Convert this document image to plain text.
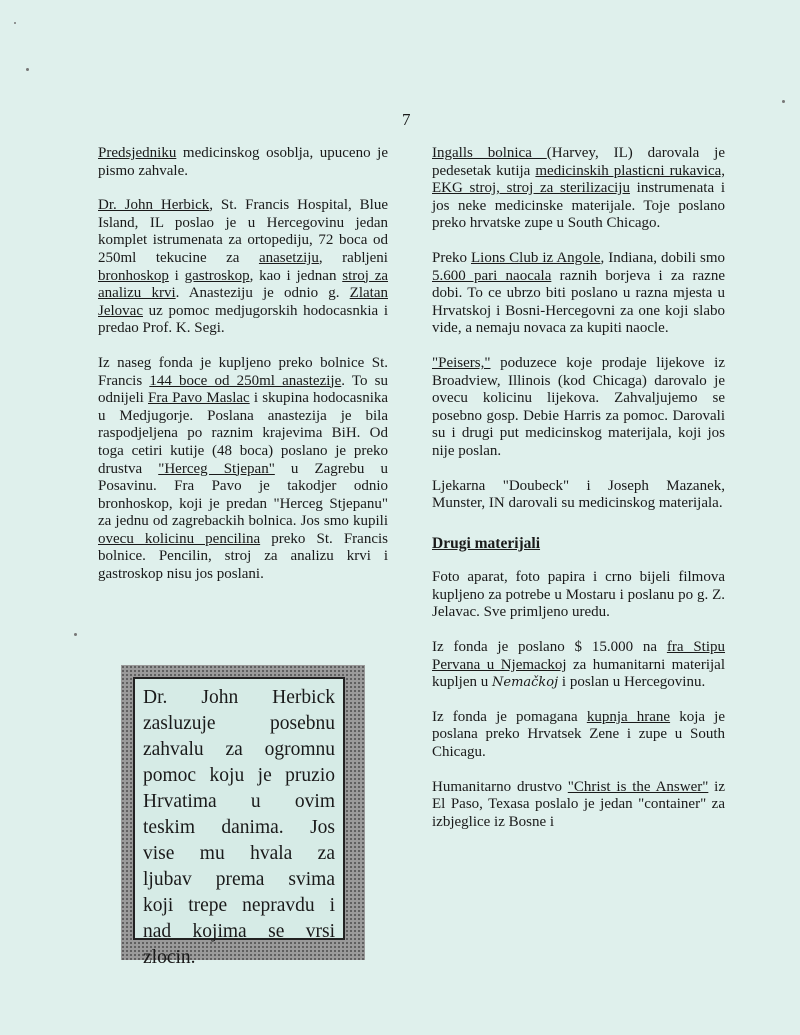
7

Predsjedniku medicinskog osoblja, upuceno je pismo zahvale.

Dr. John Herbick, St. Francis Hospital, Blue Island, IL poslao je u Hercegovinu jedan komplet istrumenata za ortopediju, 72 boca od 250ml tekucine za anasetziju, rabljeni bronhoskop i gastroskop, kao i jednan stroj za analizu krvi. Anasteziju je odnio g. Zlatan Jelovac uz pomoc medjugorskih hodocasnkia i predao Prof. K. Segi.

Iz naseg fonda je kupljeno preko bolnice St. Francis 144 boce od 250ml anastezije. To su odnijeli Fra Pavo Maslac i skupina hodocasnika u Medjugorje. Poslana anastezija je bila raspodjeljena po raznim krajevima BiH. Od toga cetiri kutije (48 boca) poslano je preko drustva "Herceg Stjepan" u Zagrebu u Posavinu. Fra Pavo je takodjer odnio bronhoskop, koji je predan "Herceg Stjepanu" za jednu od zagrebackih bolnica. Jos smo kupili ovecu kolicinu pencilina preko St. Francis bolnice. Pencilin, stroj za analizu krvi i gastroskop nisu jos poslani.

Dr. John Herbick
zasluzuje posebnu
zahvalu za ogromnu
pomoc koju je pruzio
Hrvatima u ovim
teskim danima. Jos
vise mu hvala za
ljubav prema svima
koji trepe nepravdu i
nad kojima se vrsi
zlocin.

Ingalls bolnica (Harvey, IL) darovala je pedesetak kutija medicinskih plasticni rukavica, EKG stroj, stroj za sterilizaciju instrumenata i jos neke medicinske materijale. Toje poslano preko hrvatske zupe u South Chicago.

Preko Lions Club iz Angole, Indiana, dobili smo 5.600 pari naocala raznih borjeva i za razne dobi. To ce ubrzo biti poslano u razna mjesta u Hrvatskoj i Bosni-Hercegovni za one koji slabo vide, a nemaju novaca za kupiti naocle.

"Peisers," poduzece koje prodaje lijekove iz Broadview, Illinois (kod Chicaga) darovalo je ovecu kolicinu lijekova. Zahvaljujemo se posebno gosp. Debie Harris za pomoc. Darovali su i drugi put medicinskog materijala, koji jos nije poslan.

Ljekarna "Doubeck" i Joseph Mazanek, Munster, IN darovali su medicinskog materijala.

Drugi materijali

Foto aparat, foto papira i crno bijeli filmova kupljeno za potrebe u Mostaru i poslanu po g. Z. Jelavac. Sve primljeno uredu.

Iz fonda je poslano $ 15.000 na fra Stipu Pervana u Njemackoj za humanitarni materijal kupljen u Nemačkoj i poslan u Hercegovinu.

Iz fonda je pomagana kupnja hrane koja je poslana preko Hrvatsek Zene i zupe u South Chicagu.

Humanitarno drustvo "Christ is the Answer" iz El Paso, Texasa poslalo je jedan "container" za izbjeglice iz Bosne i
